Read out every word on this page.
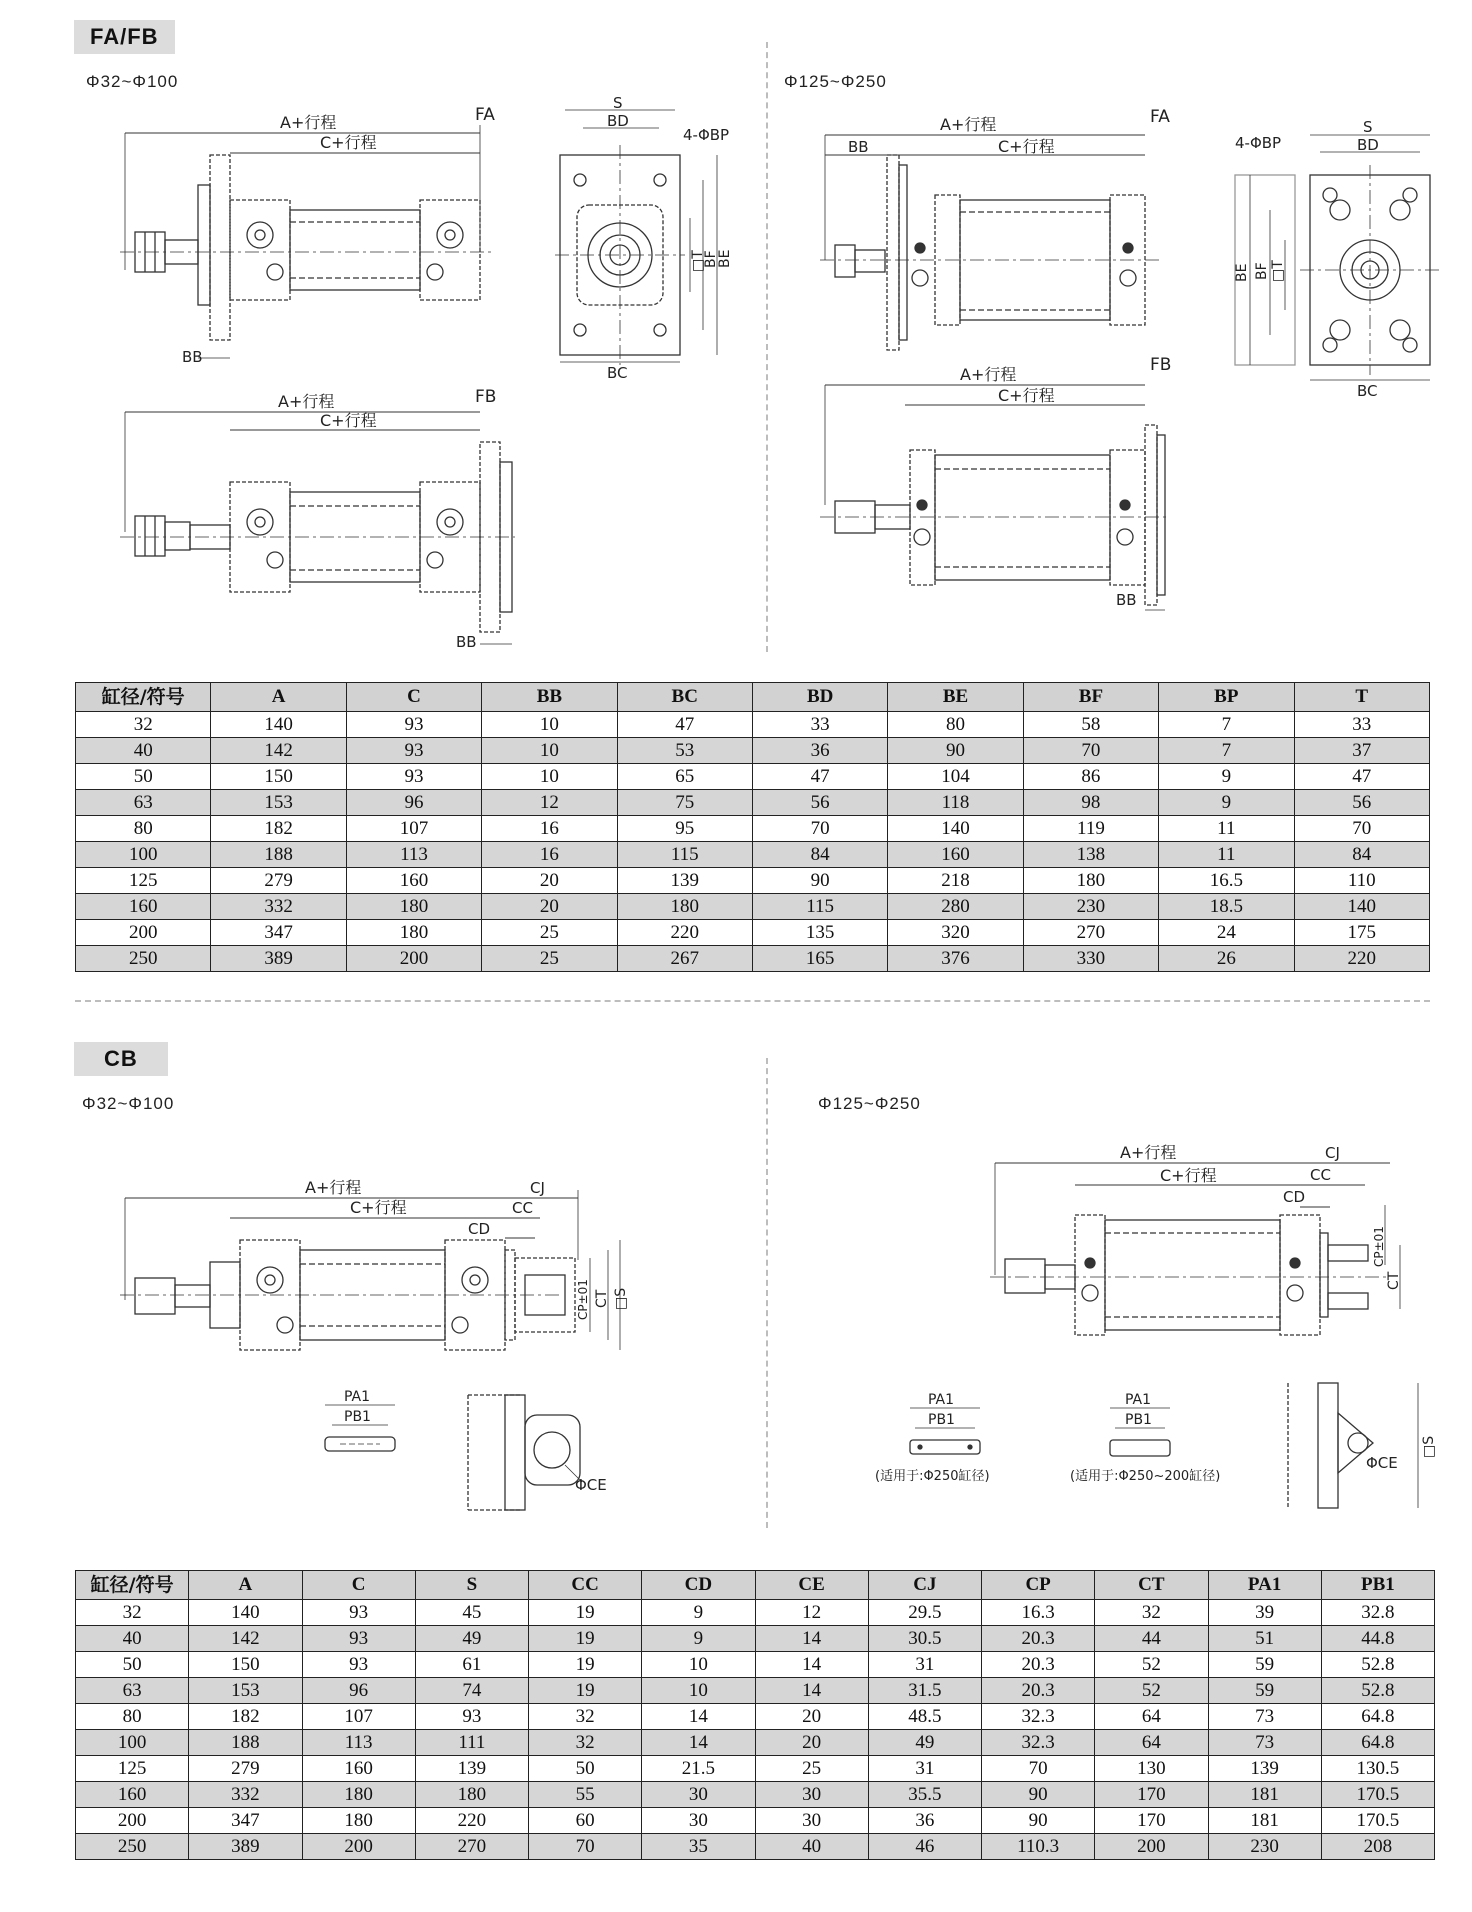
FA/FB
Φ32~Φ100	Φ125~Φ250
A+行程
C+行程
FA
BB
S
BD
4-ΦBP
□T
BF
BE
BC
A+行程
C+行程
FB
BB
A+行程
C+行程
BB
FA
4-ΦBP
S
BD
BE BF □T
BC
A+行程
C+行程
FB
BB
缸径/符号	A	C	BB	BC	BD	BE	BF	BP	T
32	140	93	10	47	33	80	58	7	33
40	142	93	10	53	36	90	70	7	37
50	150	93	10	65	47	104	86	9	47
63	153	96	12	75	56	118	98	9	56
80	182	107	16	95	70	140	119	11	70
100	188	113	16	115	84	160	138	11	84
125	279	160	20	139	90	218	180	16.5	110
160	332	180	20	180	115	280	230	18.5	140
200	347	180	25	220	135	320	270	24	175
250	389	200	25	267	165	376	330	26	220
CB
Φ32~Φ100	Φ125~Φ250
A+行程
C+行程
CJ
CC
CD
CP±01 CT □S
PA1
PB1
ΦCE
A+行程
C+行程
CJ
CC
CD
CP±01
CT
PA1
PB1
(适用于:Φ250缸径)
PA1
PB1
(适用于:Φ250~200缸径)
ΦCE
□S
缸径/符号	A	C	S	CC	CD	CE	CJ	CP	CT	PA1	PB1
32	140	93	45	19	9	12	29.5	16.3	32	39	32.8
40	142	93	49	19	9	14	30.5	20.3	44	51	44.8
50	150	93	61	19	10	14	31	20.3	52	59	52.8
63	153	96	74	19	10	14	31.5	20.3	52	59	52.8
80	182	107	93	32	14	20	48.5	32.3	64	73	64.8
100	188	113	111	32	14	20	49	32.3	64	73	64.8
125	279	160	139	50	21.5	25	31	70	130	139	130.5
160	332	180	180	55	30	30	35.5	90	170	181	170.5
200	347	180	220	60	30	30	36	90	170	181	170.5
250	389	200	270	70	35	40	46	110.3	200	230	208
